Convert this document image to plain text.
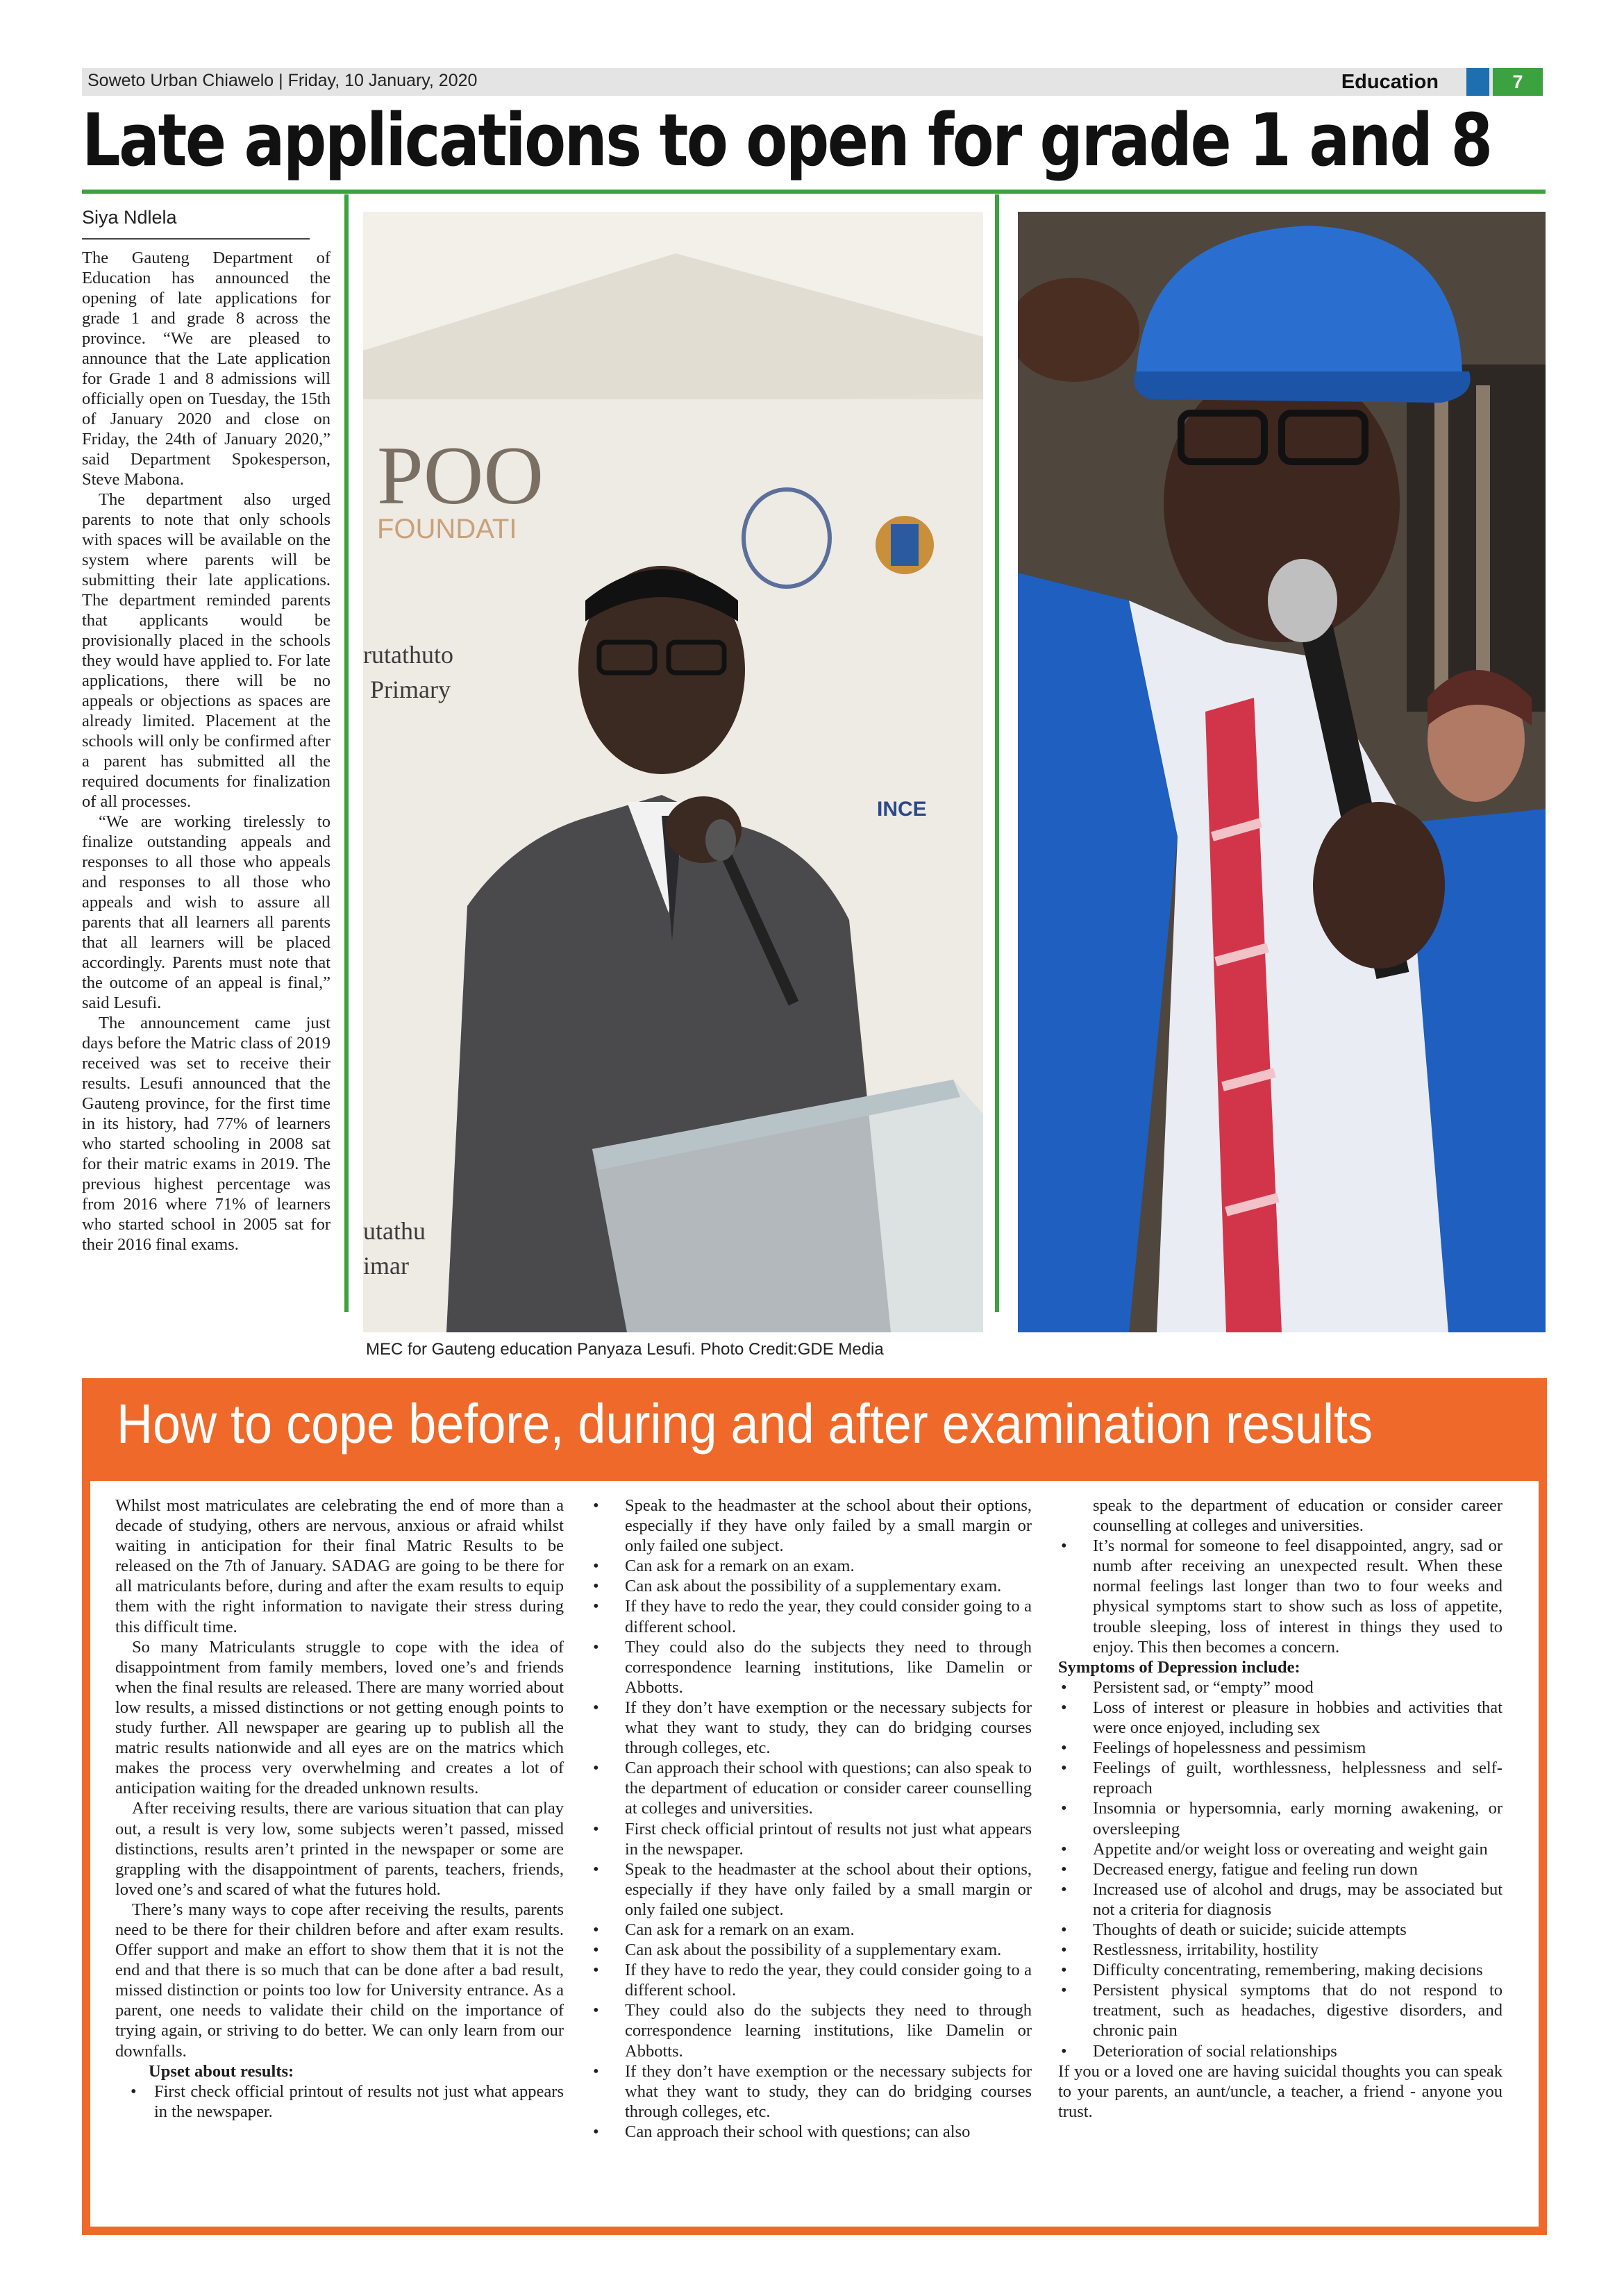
Soweto Urban Chiawelo | Friday, 10 January, 2020	Education	7
Late applications to open for grade 1 and 8
Siya Ndlela

The Gauteng Department of Education has announced the opening of late applications for grade 1 and grade 8 across the province. “We are pleased to announce that the Late application for Grade 1 and 8 admissions will officially open on Tuesday, the 15th of January 2020 and close on Friday, the 24th of January 2020,” said Department Spokesperson, Steve Mabona.

The department also urged parents to note that only schools with spaces will be available on the system where parents will be submitting their late applications. The department reminded parents that applicants would be provisionally placed in the schools they would have applied to. For late applications, there will be no appeals or objections as spaces are already limited. Placement at the schools will only be confirmed after a parent has submitted all the required documents for finalization of all processes.

“We are working tirelessly to finalize outstanding appeals and responses to all those who appeals and responses to all those who appeals and wish to assure all parents that all learners all parents that all learners will be placed accordingly. Parents must note that the outcome of an appeal is final,” said Lesufi.

The announcement came just days before the Matric class of 2019 received was set to receive their results. Lesufi announced that the Gauteng province, for the first time in its history, had 77% of learners who started schooling in 2008 sat for their matric exams in 2019. The previous highest percentage was from 2016 where 71% of learners who started school in 2005 sat for their 2016 final exams.

POO
FOUNDATI
rutathuto
Primary
INCE
utathu
imar
MEC for Gauteng education Panyaza Lesufi. Photo Credit:GDE Media
How to cope before, during and after examination results

Whilst most matriculates are celebrating the end of more than a decade of studying, others are nervous, anxious or afraid whilst waiting in anticipation for their final Matric Results to be released on the 7th of January. SADAG are going to be there for all matriculants before, during and after the exam results to equip them with the right information to navigate their stress during this difficult time.

So many Matriculants struggle to cope with the idea of disappointment from family members, loved one’s and friends when the final results are released. There are many worried about low results, a missed distinctions or not getting enough points to study further. All newspaper are gearing up to publish all the matric results nationwide and all eyes are on the matrics which makes the process very overwhelming and creates a lot of anticipation waiting for the dreaded unknown results.

After receiving results, there are various situation that can play out, a result is very low, some subjects weren’t passed, missed distinctions, results aren’t printed in the newspaper or some are grappling with the disappointment of parents, teachers, friends, loved one’s and scared of what the futures hold.

There’s many ways to cope after receiving the results, parents need to be there for their children before and after exam results. Offer support and make an effort to show them that it is not the end and that there is so much that can be done after a bad result, missed distinction or points too low for University entrance. As a parent, one needs to validate their child on the importance of trying again, or striving to do better. We can only learn from our downfalls.

Upset about results:

• First check official printout of results not just what appears in the newspaper.
• Speak to the headmaster at the school about their options, especially if they have only failed by a small margin or only failed one subject.
• Can ask for a remark on an exam.
• Can ask about the possibility of a supplementary exam.
• If they have to redo the year, they could consider going to a different school.
• They could also do the subjects they need to through correspondence learning institutions, like Damelin or Abbotts.
• If they don’t have exemption or the necessary subjects for what they want to study, they can do bridging courses through colleges, etc.
• Can approach their school with questions; can also speak to the department of education or consider career counselling at colleges and universities.
• First check official printout of results not just what appears in the newspaper.
• Speak to the headmaster at the school about their options, especially if they have only failed by a small margin or only failed one subject.
• Can ask for a remark on an exam.
• Can ask about the possibility of a supplementary exam.
• If they have to redo the year, they could consider going to a different school.
• They could also do the subjects they need to through correspondence learning institutions, like Damelin or Abbotts.
• If they don’t have exemption or the necessary subjects for what they want to study, they can do bridging courses through colleges, etc.
• Can approach their school with questions; can also

speak to the department of education or consider career counselling at colleges and universities.

• It’s normal for someone to feel disappointed, angry, sad or numb after receiving an unexpected result. When these normal feelings last longer than two to four weeks and physical symptoms start to show such as loss of appetite, trouble sleeping, loss of interest in things they used to enjoy. This then becomes a concern.

Symptoms of Depression include:

• Persistent sad, or “empty” mood
• Loss of interest or pleasure in hobbies and activities that were once enjoyed, including sex
• Feelings of hopelessness and pessimism
• Feelings of guilt, worthlessness, helplessness and self-reproach
• Insomnia or hypersomnia, early morning awakening, or oversleeping
• Appetite and/or weight loss or overeating and weight gain
• Decreased energy, fatigue and feeling run down
• Increased use of alcohol and drugs, may be associated but not a criteria for diagnosis
• Thoughts of death or suicide; suicide attempts
• Restlessness, irritability, hostility
• Difficulty concentrating, remembering, making decisions
• Persistent physical symptoms that do not respond to treatment, such as headaches, digestive disorders, and chronic pain
• Deterioration of social relationships

If you or a loved one are having suicidal thoughts you can speak to your parents, an aunt/uncle, a teacher, a friend - anyone you trust.
